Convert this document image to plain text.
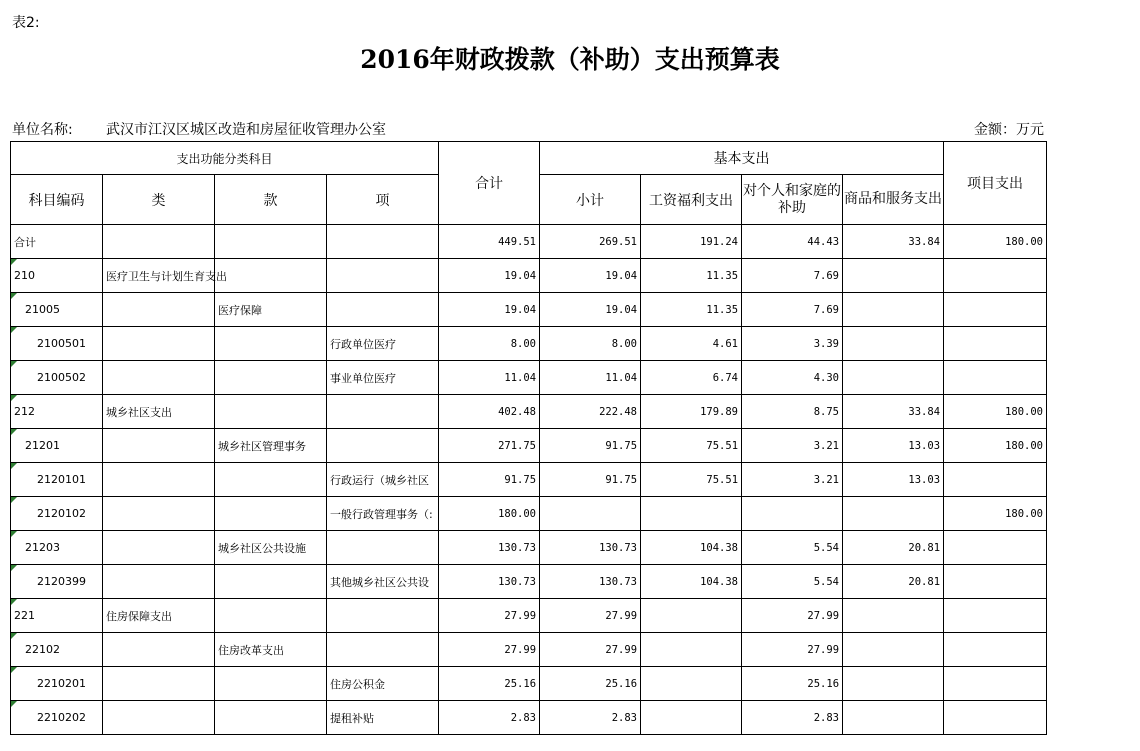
表2:
2016年财政拨款（补助）支出预算表
单位名称: 武汉市江汉区城区改造和房屋征收管理办公室	金额：万元
支出功能分类科目				合计	基本支出				项目支出
科目编码	类	款	项		小计	工资福利支出	对个人和家庭的补助	商品和服务支出	
合计				449.51	269.51	191.24	44.43	33.84	180.00

210	医疗卫生与计划生育支出			19.04	19.04	11.35	7.69		

21005		医疗保障		19.04	19.04	11.35	7.69		

2100501			行政单位医疗	8.00	8.00	4.61	3.39		

2100502			事业单位医疗	11.04	11.04	6.74	4.30		

212	城乡社区支出			402.48	222.48	179.89	8.75	33.84	180.00

21201		城乡社区管理事务		271.75	91.75	75.51	3.21	13.03	180.00

2120101			行政运行（城乡社区	91.75	91.75	75.51	3.21	13.03	

2120102			一般行政管理事务（:	180.00					180.00

21203		城乡社区公共设施		130.73	130.73	104.38	5.54	20.81	

2120399			其他城乡社区公共设	130.73	130.73	104.38	5.54	20.81	

221	住房保障支出			27.99	27.99		27.99		

22102		住房改革支出		27.99	27.99		27.99		

2210201			住房公积金	25.16	25.16		25.16		

2210202			提租补贴	2.83	2.83		2.83		
